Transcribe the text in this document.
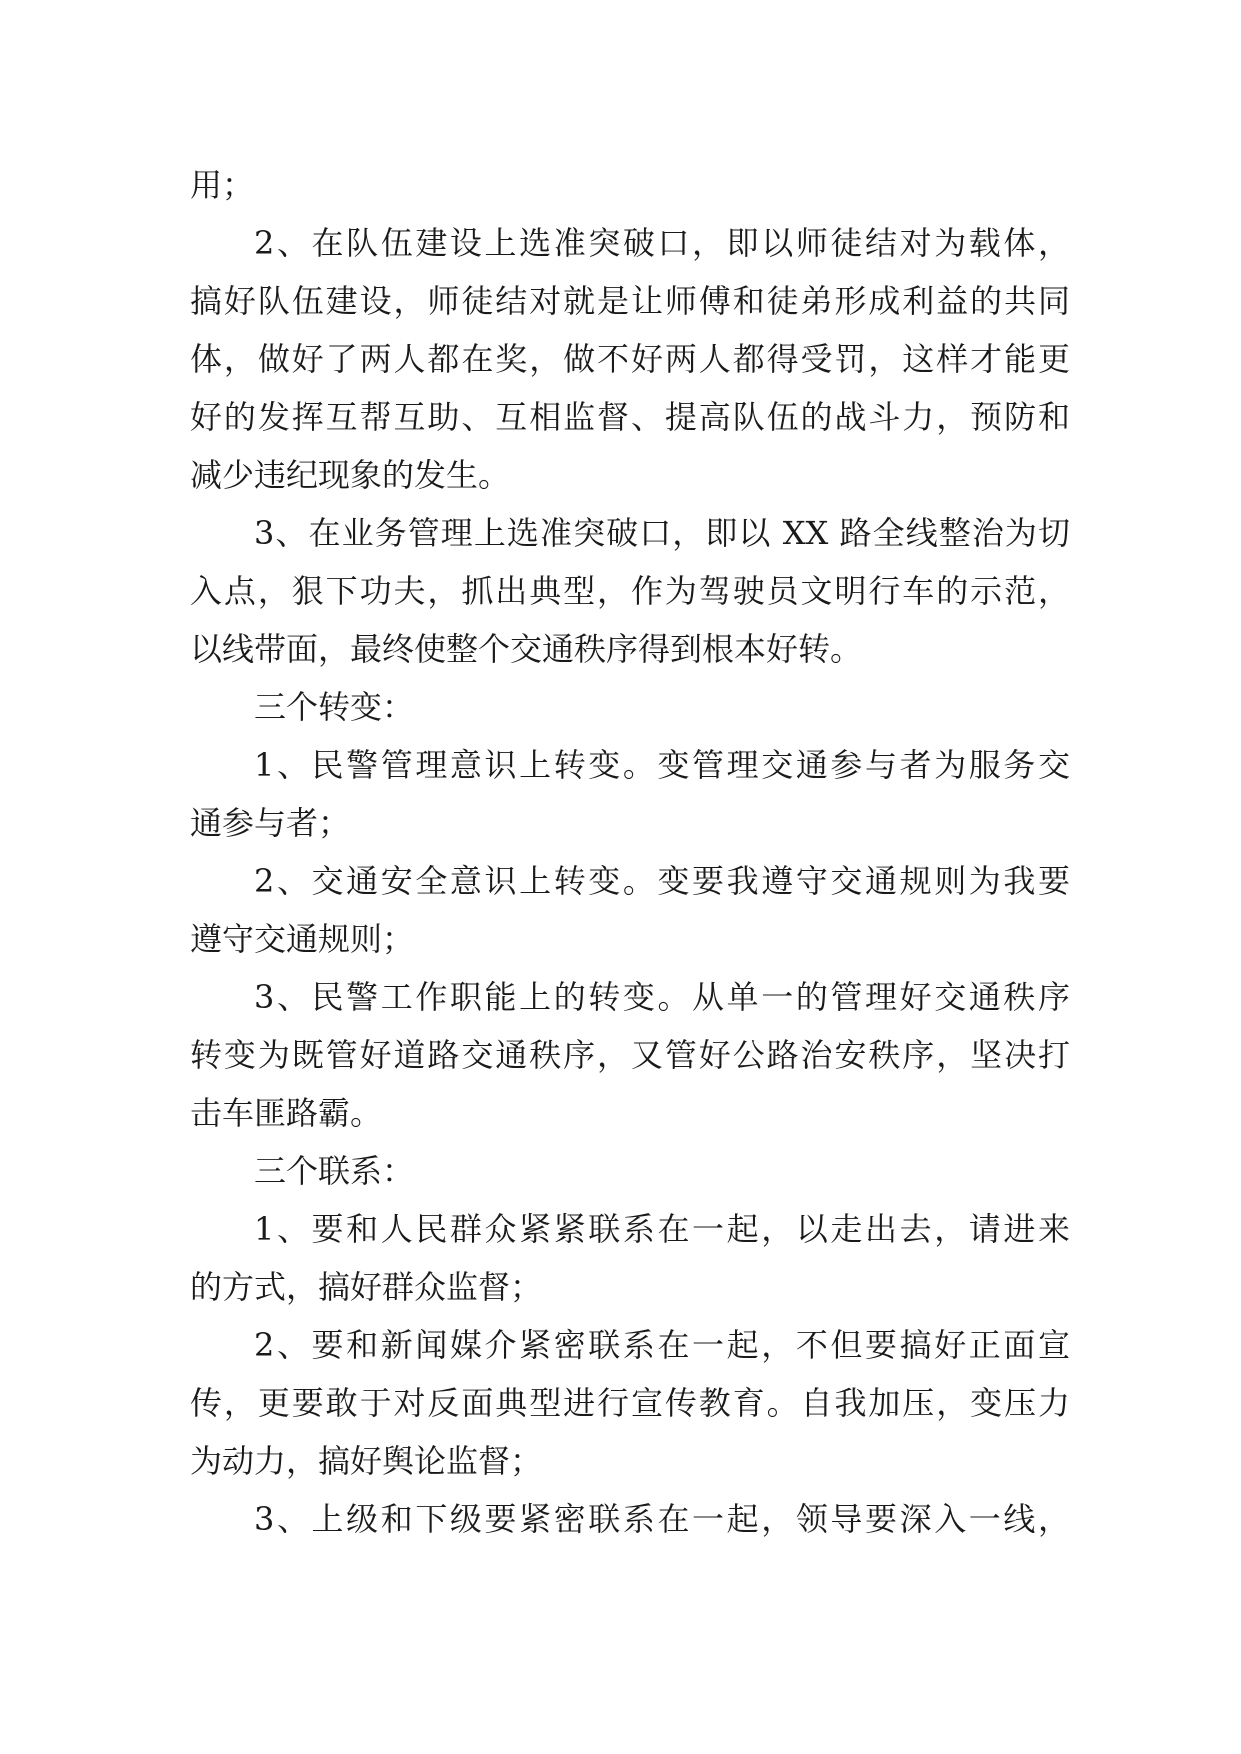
用；
2、在队伍建设上选准突破口，即以师徒结对为载体，
搞好队伍建设，师徒结对就是让师傅和徒弟形成利益的共同
体，做好了两人都在奖，做不好两人都得受罚，这样才能更
好的发挥互帮互助、互相监督、提高队伍的战斗力，预防和
减少违纪现象的发生。
3、在业务管理上选准突破口，即以 XX 路全线整治为切
入点，狠下功夫，抓出典型，作为驾驶员文明行车的示范，
以线带面，最终使整个交通秩序得到根本好转。
三个转变：
1、民警管理意识上转变。变管理交通参与者为服务交
通参与者；
2、交通安全意识上转变。变要我遵守交通规则为我要
遵守交通规则；
3、民警工作职能上的转变。从单一的管理好交通秩序
转变为既管好道路交通秩序，又管好公路治安秩序，坚决打
击车匪路霸。
三个联系：
1、要和人民群众紧紧联系在一起，以走出去，请进来
的方式，搞好群众监督；
2、要和新闻媒介紧密联系在一起，不但要搞好正面宣
传，更要敢于对反面典型进行宣传教育。自我加压，变压力
为动力，搞好舆论监督；
3、上级和下级要紧密联系在一起，领导要深入一线，
